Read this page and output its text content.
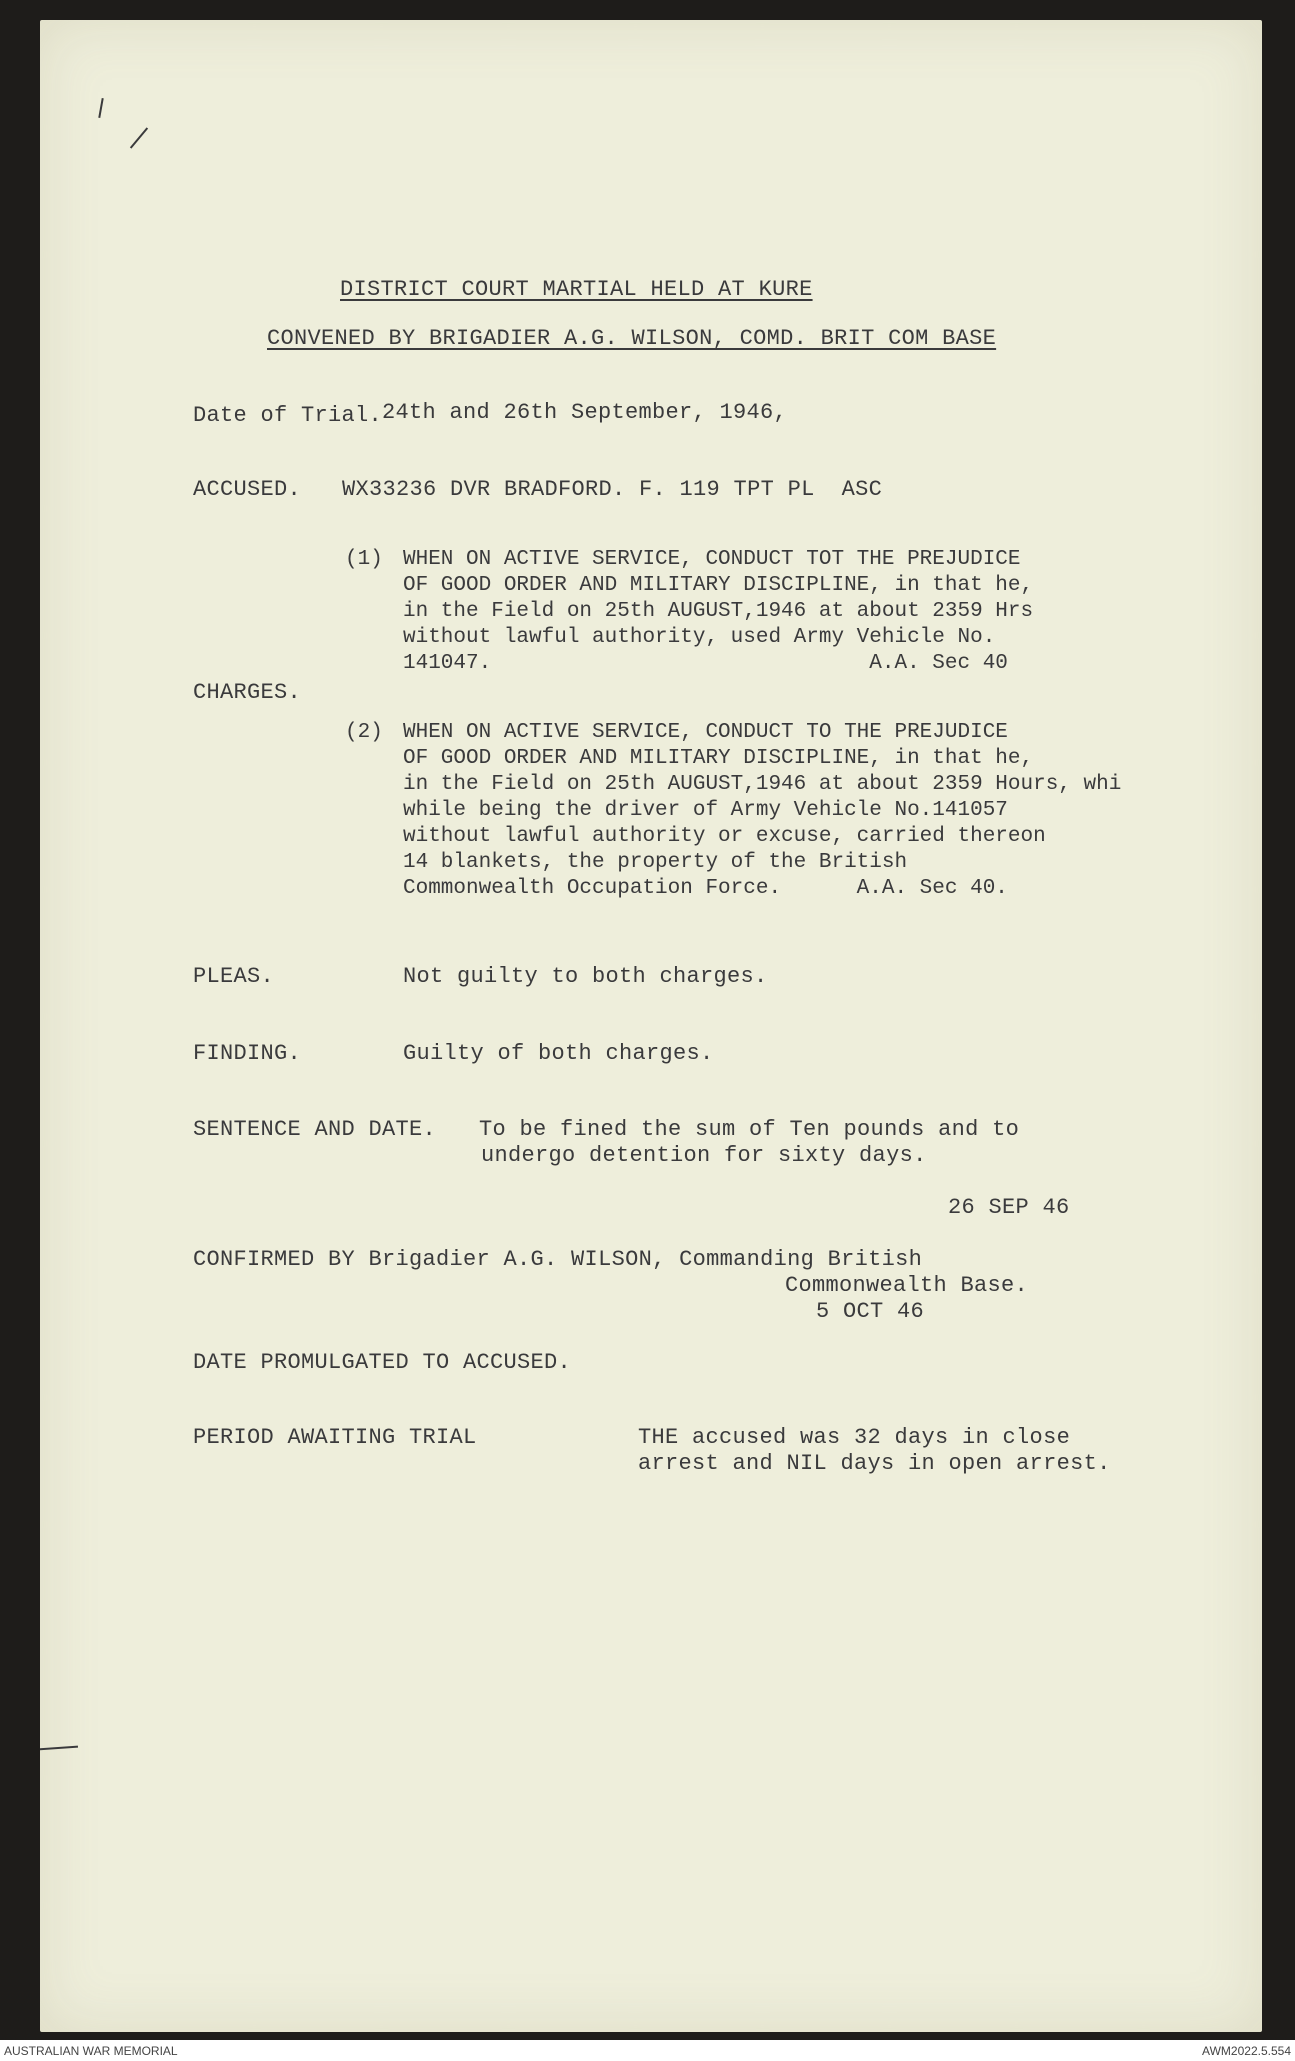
DISTRICT COURT MARTIAL HELD AT KURE
CONVENED BY BRIGADIER A.G. WILSON, COMD. BRIT COM BASE
Date of Trial. 24th and 26th September, 1946,
ACCUSED. WX33236 DVR BRADFORD. F. 119 TPT PL  ASC
(1) WHEN ON ACTIVE SERVICE, CONDUCT TOT THE PREJUDICE
OF GOOD ORDER AND MILITARY DISCIPLINE, in that he,
in the Field on 25th AUGUST,1946 at about 2359 Hrs
without lawful authority, used Army Vehicle No.
141047.                              A.A. Sec 40
CHARGES.
(2) WHEN ON ACTIVE SERVICE, CONDUCT TO THE PREJUDICE
OF GOOD ORDER AND MILITARY DISCIPLINE, in that he,
in the Field on 25th AUGUST,1946 at about 2359 Hours, whi
while being the driver of Army Vehicle No.141057
without lawful authority or excuse, carried thereon
14 blankets, the property of the British
Commonwealth Occupation Force.      A.A. Sec 40.
PLEAS.	Not guilty to both charges.
FINDING.	Guilty of both charges.
SENTENCE AND DATE. To be fined the sum of Ten pounds and to
undergo detention for sixty days.
26 SEP 46
CONFIRMED BY Brigadier A.G. WILSON, Commanding British
Commonwealth Base.
5 OCT 46
DATE PROMULGATED TO ACCUSED.
PERIOD AWAITING TRIAL	THE accused was 32 days in close
arrest and NIL days in open arrest.
AUSTRALIAN WAR MEMORIAL	AWM2022.5.554
